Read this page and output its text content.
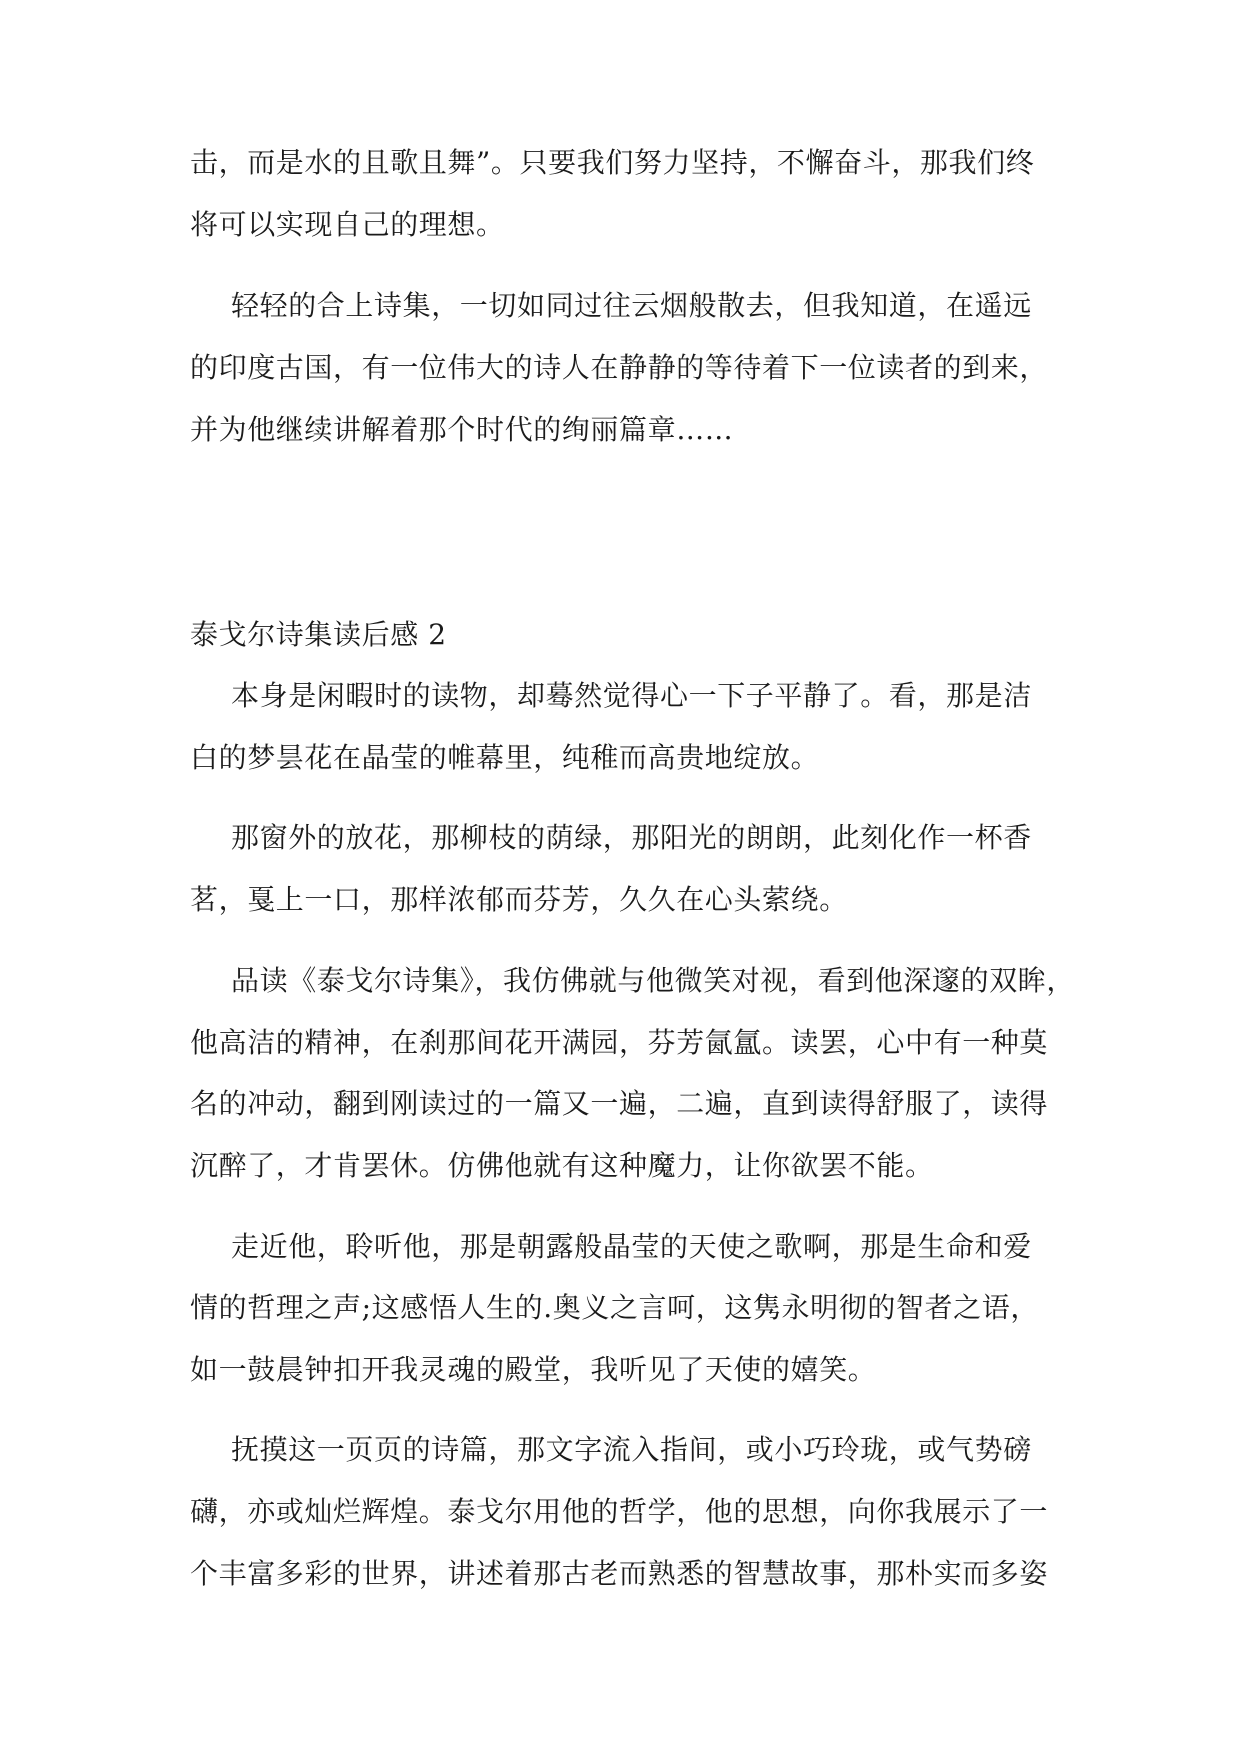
击，而是水的且歌且舞”。只要我们努力坚持，不懈奋斗，那我们终
将可以实现自己的理想。
轻轻的合上诗集，一切如同过往云烟般散去，但我知道，在遥远
的印度古国，有一位伟大的诗人在静静的等待着下一位读者的到来，
并为他继续讲解着那个时代的绚丽篇章……
泰戈尔诗集读后感 2
本身是闲暇时的读物，却蓦然觉得心一下子平静了。看，那是洁
白的梦昙花在晶莹的帷幕里，纯稚而高贵地绽放。
那窗外的放花，那柳枝的荫绿，那阳光的朗朗，此刻化作一杯香
茗，戛上一口，那样浓郁而芬芳，久久在心头萦绕。
品读《泰戈尔诗集》，我仿佛就与他微笑对视，看到他深邃的双眸，
他高洁的精神，在刹那间花开满园，芬芳氤氲。读罢，心中有一种莫
名的冲动，翻到刚读过的一篇又一遍，二遍，直到读得舒服了，读得
沉醉了，才肯罢休。仿佛他就有这种魔力，让你欲罢不能。
走近他，聆听他，那是朝露般晶莹的天使之歌啊，那是生命和爱
情的哲理之声;这感悟人生的.奥义之言呵，这隽永明彻的智者之语，
如一鼓晨钟扣开我灵魂的殿堂，我听见了天使的嬉笑。
抚摸这一页页的诗篇，那文字流入指间，或小巧玲珑，或气势磅
礴，亦或灿烂辉煌。泰戈尔用他的哲学，他的思想，向你我展示了一
个丰富多彩的世界，讲述着那古老而熟悉的智慧故事，那朴实而多姿
